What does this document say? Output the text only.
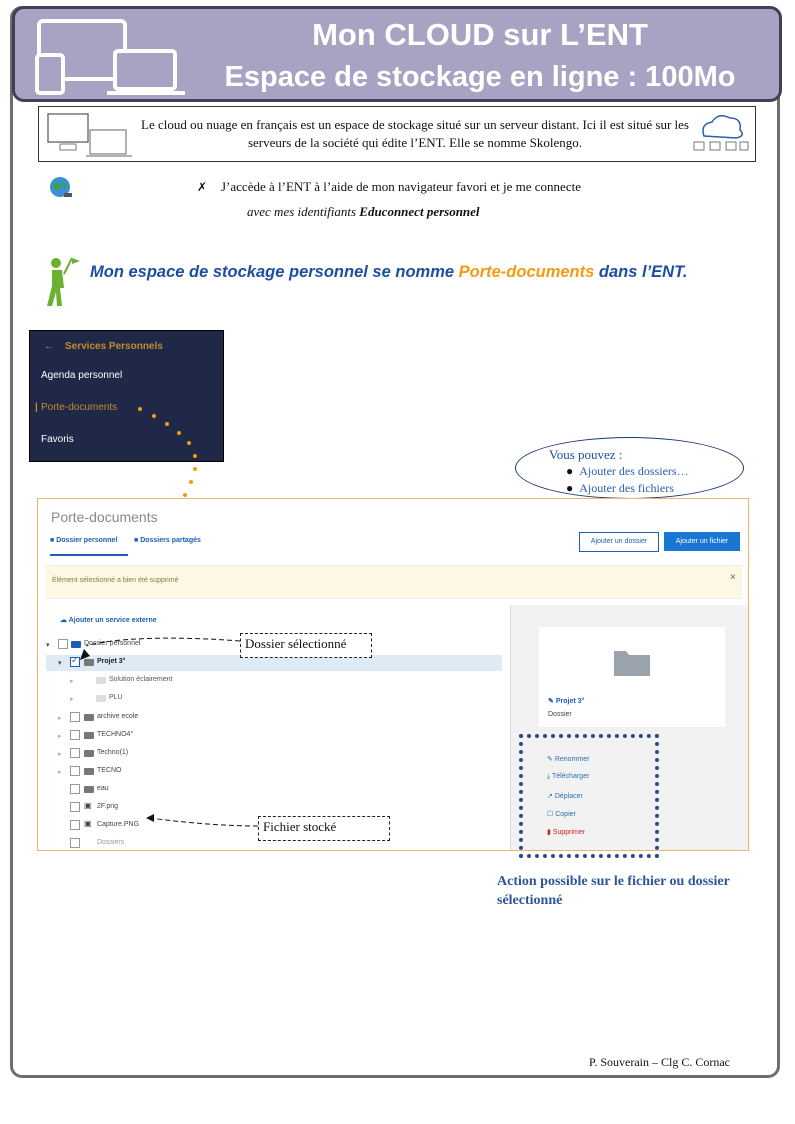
Mon CLOUD sur L’ENT
Espace de stockage en ligne : 100Mo
Le cloud ou nuage en français est un espace de stockage situé sur un serveur distant. Ici il est situé sur les serveurs de la société qui édite l’ENT. Elle se nomme Skolengo.
✗ J’accède à l’ENT à l’aide de mon navigateur favori et je me connecte
avec mes identifiants Educonnect personnel
Mon espace de stockage personnel se nomme Porte-documents dans l’ENT.
← Services Personnels
Agenda personnel
| Porte-documents
Favoris
Vous pouvez :
● Ajouter des dossiers…
● Ajouter des fichiers
Porte-documents
■ Dossier personnel ■ Dossiers partagés	Ajouter un dossier	Ajouter un fichier
Élément sélectionné a bien été supprimé	×
☁ Ajouter un service externe
▾	Dossier personnel
▾ ✓	Projet 3°
▸	Solution éclairement
▸	PLU
▸	archive ecole
▸	TECHNO4°
▸	Techno(1)
▸	TECNO
eau
▣ 2F.png
▣ Capture.PNG
Dossiers
✎ Projet 3°
Dossier
✎ Renommer
⤓ Télécharger
↗ Déplacer
☐ Copier
▮ Supprimer
Dossier sélectionné
Fichier stocké
Action possible sur le fichier ou dossier sélectionné
P. Souverain – Clg C. Cornac
